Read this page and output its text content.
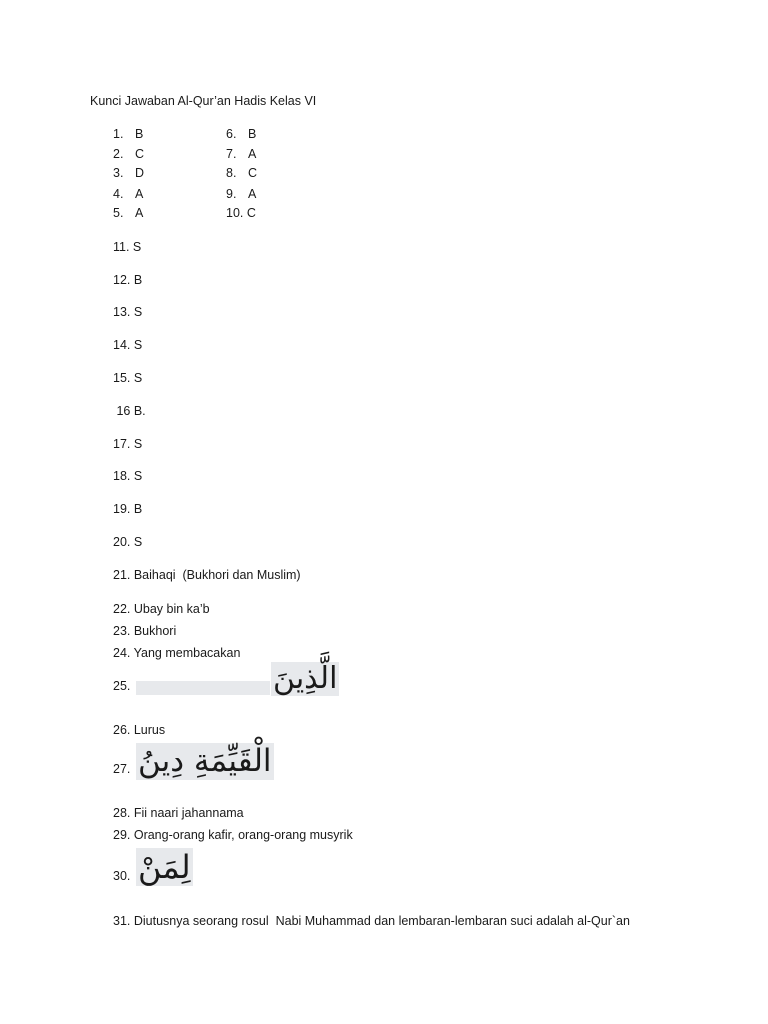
Kunci Jawaban Al-Qur’an Hadis Kelas VI
1. B
2. C
3. D
4. A
5. A
6. B
7. A
8. C
9. A
10. C
11. S
12. B
13. S
14. S
15. S
16 B.
17. S
18. S
19. B
20. S
21. Baihaqi  (Bukhori dan Muslim)
22. Ubay bin ka’b
23. Bukhori
24. Yang membacakan
25.	الَّذِينَ
26. Lurus
27. الْقَيِّمَةِ دِينُ
28. Fii naari jahannama
29. Orang-orang kafir, orang-orang musyrik
30. لِمَنْ
31. Diutusnya seorang rosul  Nabi Muhammad dan lembaran-lembaran suci adalah al-Qur`an
